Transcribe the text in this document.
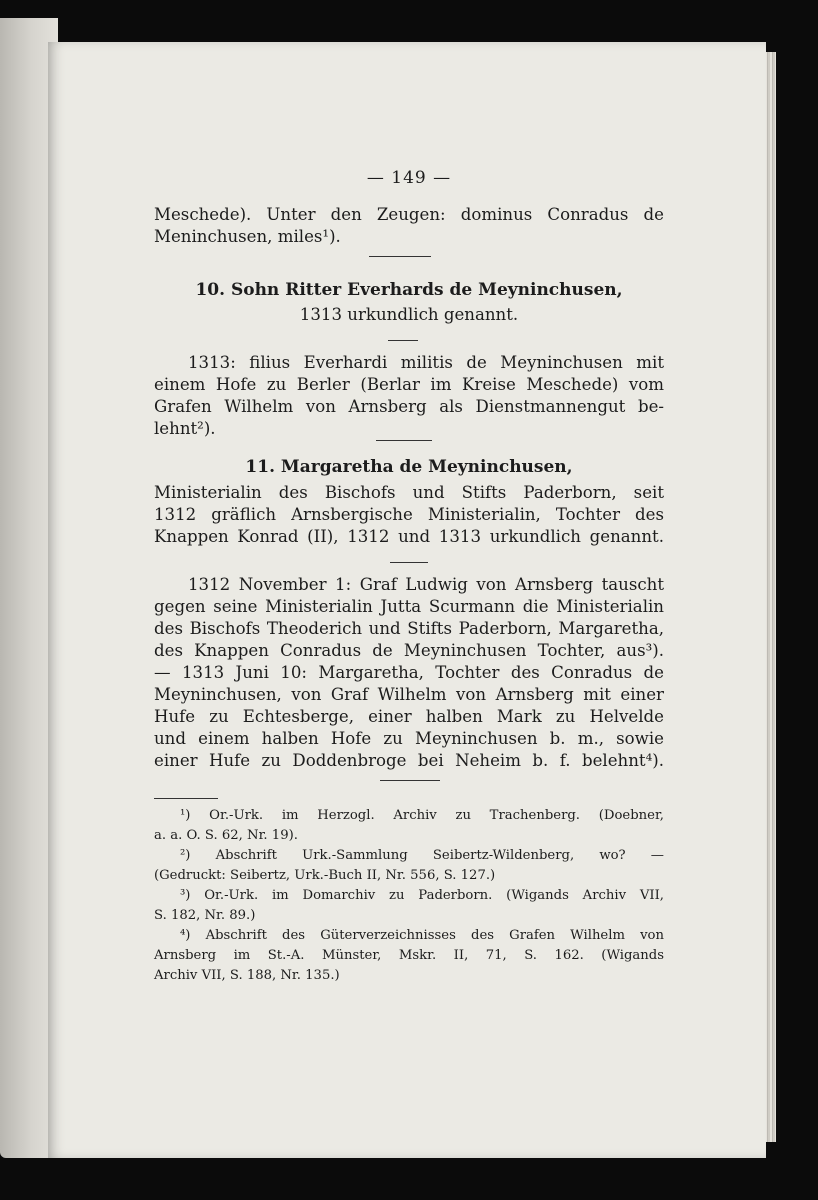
— 149 —
Meschede). Unter den Zeugen: dominus Conradus de
Meninchusen, miles¹).
10. Sohn Ritter Everhards de Meyninchusen,
1313 urkundlich genannt.
1313: filius Everhardi militis de Meyninchusen mit
einem Hofe zu Berler (Berlar im Kreise Meschede) vom
Grafen Wilhelm von Arnsberg als Dienstmannengut be-
lehnt²).
11. Margaretha de Meyninchusen,
Ministerialin des Bischofs und Stifts Paderborn, seit
1312 gräflich Arnsbergische Ministerialin, Tochter des
Knappen Konrad (II), 1312 und 1313 urkundlich genannt.
1312 November 1: Graf Ludwig von Arnsberg tauscht
gegen seine Ministerialin Jutta Scurmann die Ministerialin
des Bischofs Theoderich und Stifts Paderborn, Margaretha,
des Knappen Conradus de Meyninchusen Tochter, aus³).
— 1313 Juni 10: Margaretha, Tochter des Conradus de
Meyninchusen, von Graf Wilhelm von Arnsberg mit einer
Hufe zu Echtesberge, einer halben Mark zu Helvelde
und einem halben Hofe zu Meyninchusen b. m., sowie
einer Hufe zu Doddenbroge bei Neheim b. f. belehnt⁴).
¹) Or.-Urk. im Herzogl. Archiv zu Trachenberg. (Doebner,
a. a. O. S. 62, Nr. 19).
²) Abschrift Urk.-Sammlung Seibertz-Wildenberg, wo? —
(Gedruckt: Seibertz, Urk.-Buch II, Nr. 556, S. 127.)
³) Or.-Urk. im Domarchiv zu Paderborn. (Wigands Archiv VII,
S. 182, Nr. 89.)
⁴) Abschrift des Güterverzeichnisses des Grafen Wilhelm von
Arnsberg im St.-A. Münster, Mskr. II, 71, S. 162. (Wigands
Archiv VII, S. 188, Nr. 135.)
